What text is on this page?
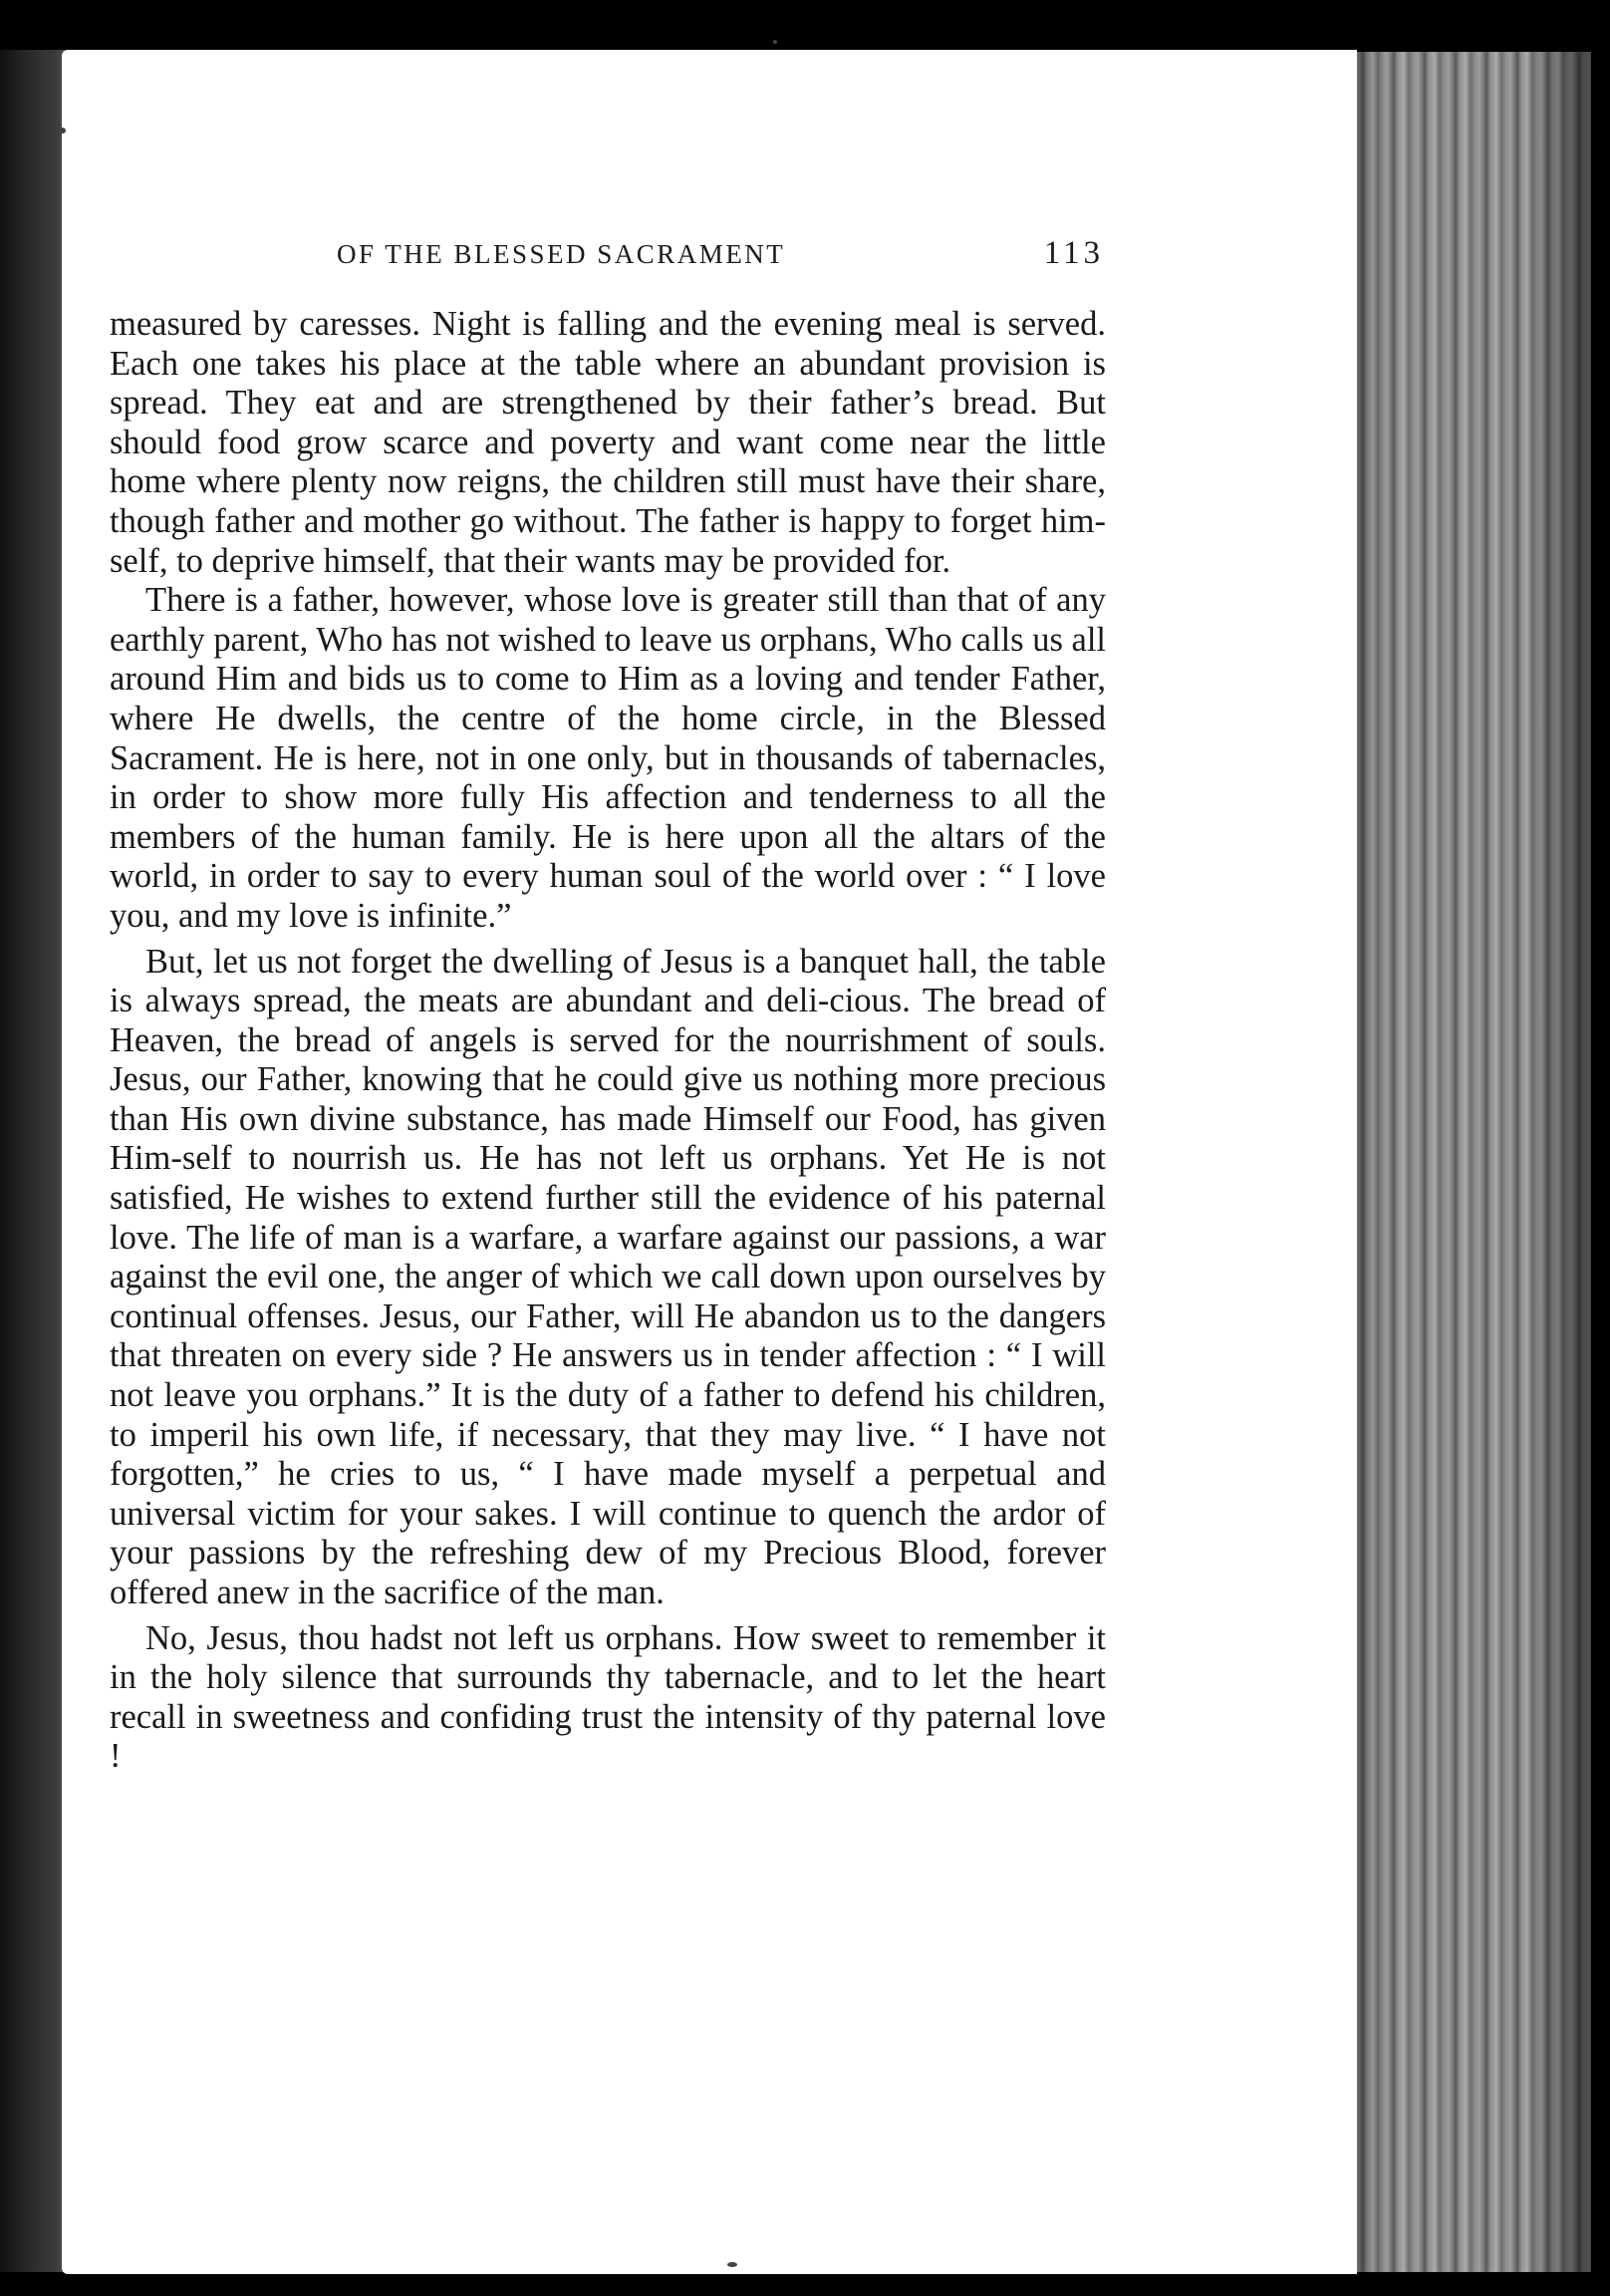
OF THE BLESSED SACRAMENT	113

measured by caresses. Night is falling and the evening meal is served. Each one takes his place at the table where an abundant provision is spread. They eat and are strengthened by their father’s bread. But should food grow scarce and poverty and want come near the little home where plenty now reigns, the children still must have their share, though father and mother go without. The father is happy to forget him-self, to deprive himself, that their wants may be provided for.

There is a father, however, whose love is greater still than that of any earthly parent, Who has not wished to leave us orphans, Who calls us all around Him and bids us to come to Him as a loving and tender Father, where He dwells, the centre of the home circle, in the Blessed Sacrament. He is here, not in one only, but in thousands of tabernacles, in order to show more fully His affection and tenderness to all the members of the human family. He is here upon all the altars of the world, in order to say to every human soul of the world over : “ I love you, and my love is infinite.”

But, let us not forget the dwelling of Jesus is a banquet hall, the table is always spread, the meats are abundant and deli-cious. The bread of Heaven, the bread of angels is served for the nourrishment of souls. Jesus, our Father, knowing that he could give us nothing more precious than His own divine substance, has made Himself our Food, has given Him-self to nourrish us. He has not left us orphans. Yet He is not satisfied, He wishes to extend further still the evidence of his paternal love. The life of man is a warfare, a warfare against our passions, a war against the evil one, the anger of which we call down upon ourselves by continual offenses. Jesus, our Father, will He abandon us to the dangers that threaten on every side ? He answers us in tender affection : “ I will not leave you orphans.” It is the duty of a father to defend his children, to imperil his own life, if necessary, that they may live. “ I have not forgotten,” he cries to us, “ I have made myself a perpetual and universal victim for your sakes. I will continue to quench the ardor of your passions by the refreshing dew of my Precious Blood, forever offered anew in the sacrifice of the man.

No, Jesus, thou hadst not left us orphans. How sweet to remember it in the holy silence that surrounds thy tabernacle, and to let the heart recall in sweetness and confiding trust the intensity of thy paternal love !
